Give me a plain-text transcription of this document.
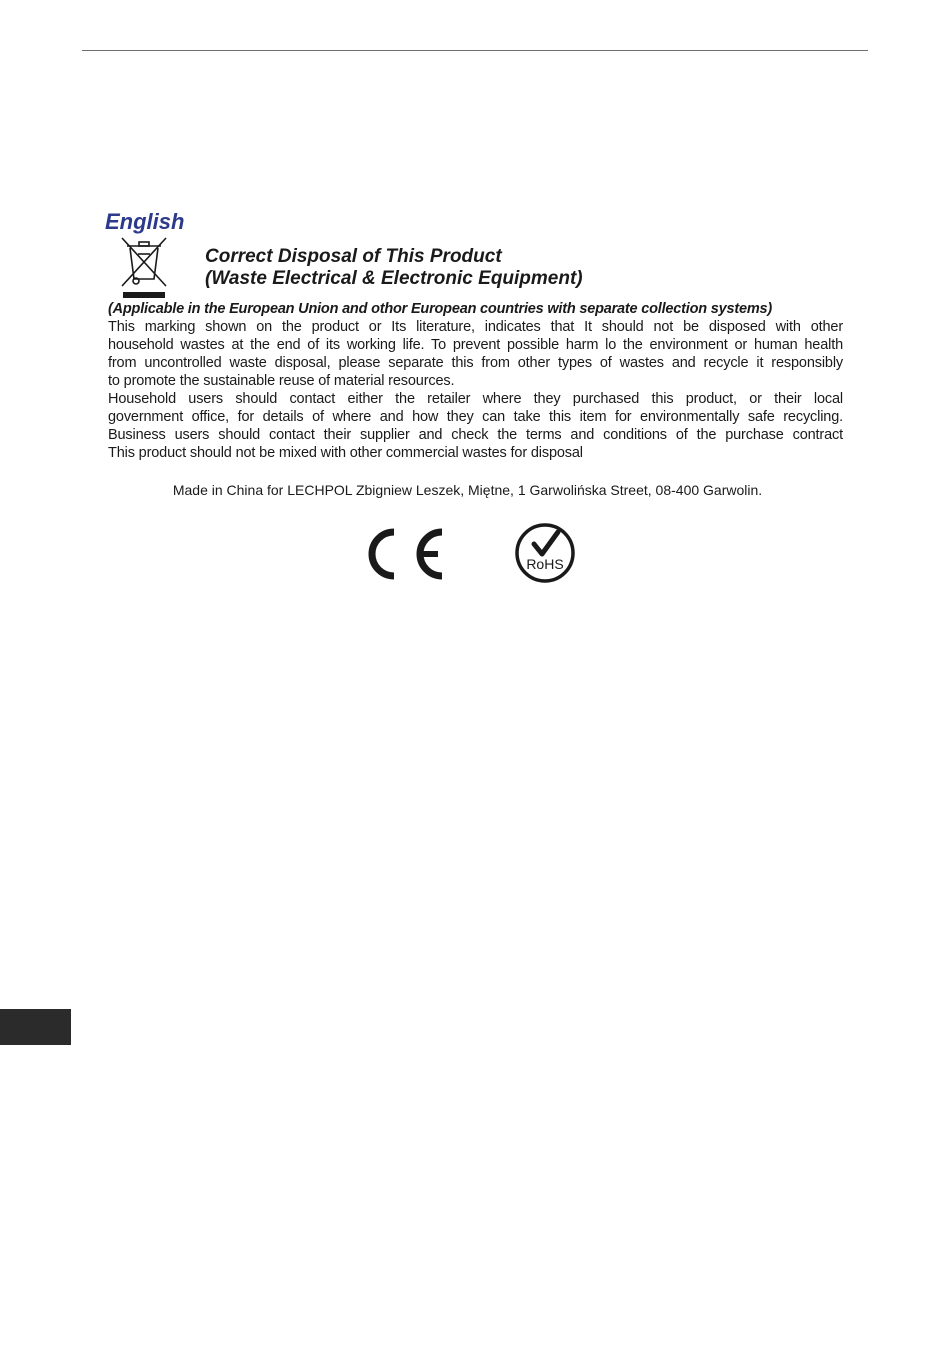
English
Correct Disposal of This Product
(Waste Electrical & Electronic Equipment)
(Applicable in the European Union and othor European countries with separate collection systems)
This marking shown on the product or Its literature, indicates that It should not be disposed with other
household wastes at the end of its working life. To prevent possible harm lo the environment or human health
from uncontrolled waste disposal, please separate this from other types of wastes and recycle it responsibly
to promote the sustainable reuse of material resources.
Household users should contact either the retailer where they purchased this product, or their local
government office, for details of where and how they can take this item for environmentally safe recycling.
Business users should contact their supplier and check the terms and conditions of the purchase contract
This product should not be mixed with other commercial wastes for disposal
Made in China for LECHPOL Zbigniew Leszek, Miętne, 1 Garwolińska Street, 08-400 Garwolin.
RoHS
